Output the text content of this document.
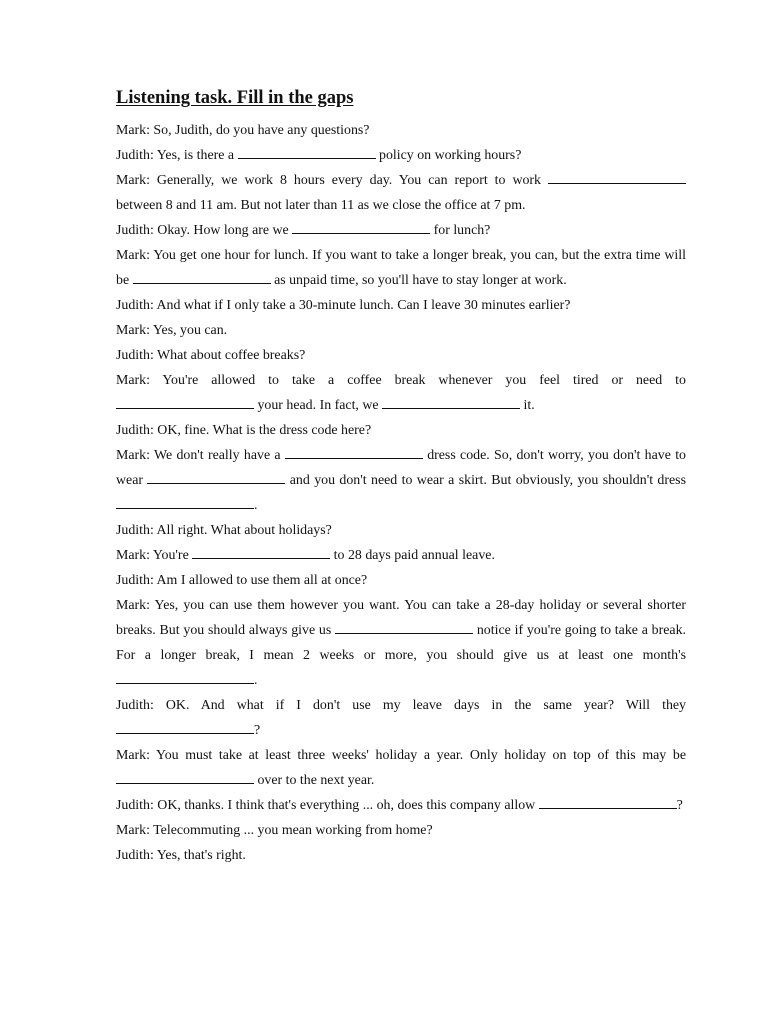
Listening task. Fill in the gaps

Mark: So, Judith, do you have any questions?

Judith: Yes, is there a	policy on working hours?

Mark: Generally, we work 8 hours every day. You can report to work  between 8 and 11 am. But not later than 11 as we close the office at 7 pm.

Judith: Okay. How long are we	for lunch?

Mark: You get one hour for lunch. If you want to take a longer break, you can, but the extra time will be	as unpaid time, so you'll have to stay longer at work.

Judith: And what if I only take a 30-minute lunch. Can I leave 30 minutes earlier?

Mark: Yes, you can.

Judith: What about coffee breaks?

Mark: You're allowed to take a coffee break whenever you feel tired or need to  your head. In fact, we	it.

Judith: OK, fine. What is the dress code here?

Mark: We don't really have a	dress code. So, don't worry, you don't have to wear	and you don't need to wear a skirt. But obviously, you shouldn't dress .

Judith: All right. What about holidays?

Mark: You're	to 28 days paid annual leave.

Judith: Am I allowed to use them all at once?

Mark: Yes, you can use them however you want. You can take a 28-day holiday or several shorter breaks. But you should always give us	notice if you're going to take a break. For a longer break, I mean 2 weeks or more, you should give us at least one month's .

Judith: OK. And what if I don't use my leave days in the same year? Will they ?

Mark: You must take at least three weeks' holiday a year. Only holiday on top of this may be  over to the next year.

Judith: OK, thanks. I think that's everything ... oh, does this company allow	?

Mark: Telecommuting ... you mean working from home?

Judith: Yes, that's right.
